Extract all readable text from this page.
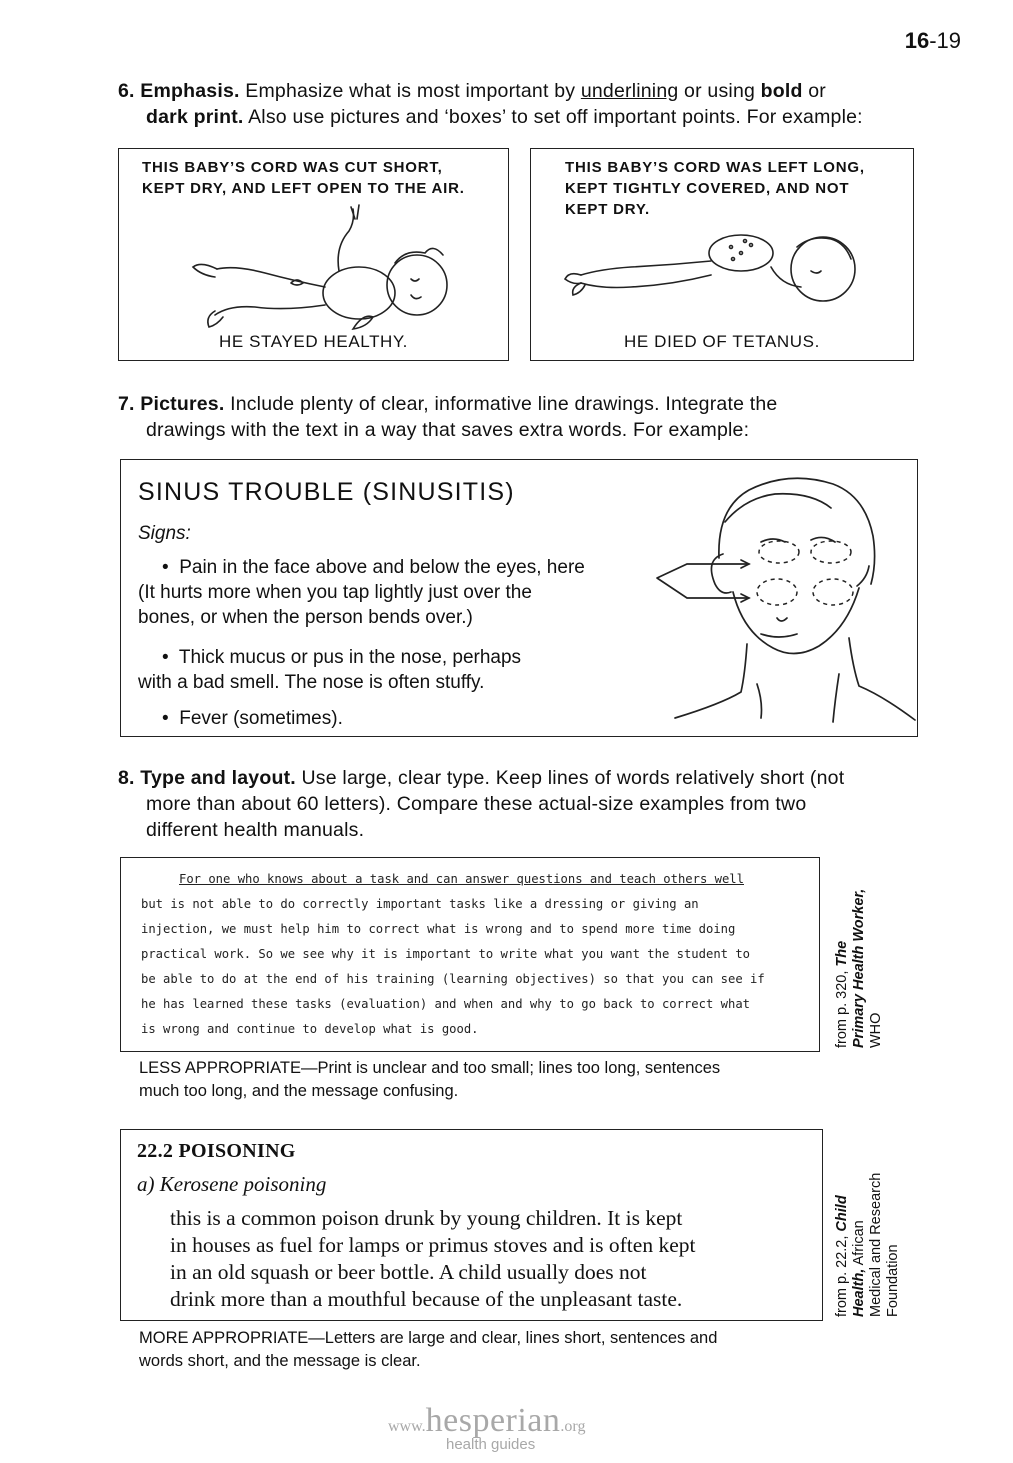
16-19
6. Emphasis. Emphasize what is most important by underlining or using bold or
dark print. Also use pictures and ‘boxes’ to set off important points. For example:
THIS BABY’S CORD WAS CUT SHORT,
KEPT DRY, AND LEFT OPEN TO THE AIR.
HE STAYED HEALTHY.
THIS BABY’S CORD WAS LEFT LONG,
KEPT TIGHTLY COVERED, AND NOT
KEPT DRY.
HE DIED OF TETANUS.
7. Pictures. Include plenty of clear, informative line drawings. Integrate the
drawings with the text in a way that saves extra words. For example:
SINUS TROUBLE (SINUSITIS)
Signs:
• Pain in the face above and below the eyes, here
(It hurts more when you tap lightly just over the
bones, or when the person bends over.)
• Thick mucus or pus in the nose, perhaps
with a bad smell. The nose is often stuffy.
• Fever (sometimes).
8. Type and layout. Use large, clear type. Keep lines of words relatively short (not
more than about 60 letters). Compare these actual-size examples from two
different health manuals.
For one who knows about a task and can answer questions and teach others well
but is not able to do correctly important tasks like a dressing or giving an
injection, we must help him to correct what is wrong and to spend more time doing
practical work. So we see why it is important to write what you want the student to
be able to do at the end of his training (learning objectives) so that you can see if
he has learned these tasks (evaluation) and when and why to go back to correct what
is wrong and continue to develop what is good.
LESS APPROPRIATE—Print is unclear and too small; lines too long, sentences
much too long, and the message confusing.
from p. 320, The Primary Health Worker, WHO
22.2 POISONING
a) Kerosene poisoning
this is a common poison drunk by young children. It is kept
in houses as fuel for lamps or primus stoves and is often kept
in an old squash or beer bottle. A child usually does not
drink more than a mouthful because of the unpleasant taste.
MORE APPROPRIATE—Letters are large and clear, lines short, sentences and
words short, and the message is clear.
from p. 22.2, Child
Health, African Medical and Research Foundation
www.hesperian.org
health guides
